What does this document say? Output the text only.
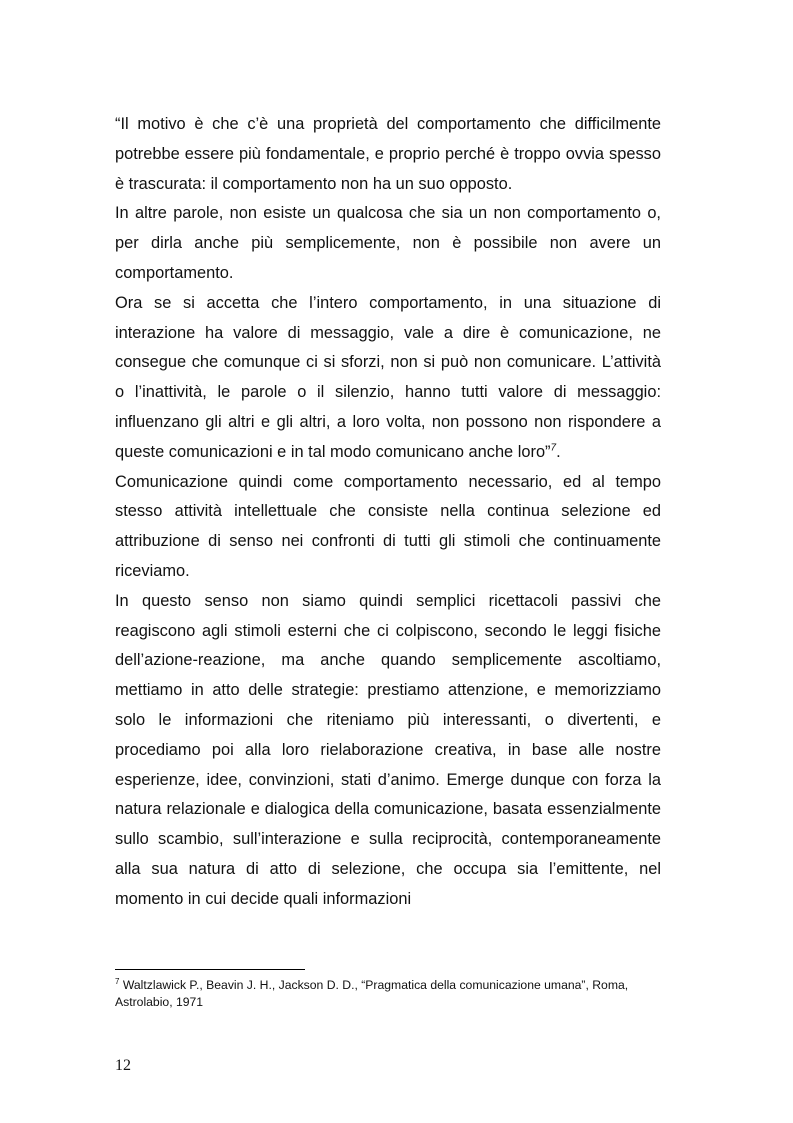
“Il motivo è che c’è una proprietà del comportamento che difficilmente potrebbe essere più fondamentale, e proprio perché è troppo ovvia spesso è trascurata: il comportamento non ha un suo opposto.

In altre parole, non esiste un qualcosa che sia un non comportamento o, per dirla anche più semplicemente, non è possibile non avere un comportamento.

Ora se si accetta che l’intero comportamento, in una situazione di interazione ha valore di messaggio, vale a dire è comunicazione, ne consegue che comunque ci si sforzi, non si può non comunicare. L’attività o l’inattività, le parole o il silenzio, hanno tutti valore di messaggio: influenzano gli altri e gli altri, a loro volta, non possono non rispondere a queste comunicazioni e in tal modo comunicano anche loro”$^7$.

Comunicazione quindi come comportamento necessario, ed al tempo stesso attività intellettuale che consiste nella continua selezione ed attribuzione di senso nei confronti di tutti gli stimoli che continuamente riceviamo.

In questo senso non siamo quindi semplici ricettacoli passivi che reagiscono agli stimoli esterni che ci colpiscono, secondo le leggi fisiche dell’azione-reazione, ma anche quando semplicemente ascoltiamo, mettiamo in atto delle strategie: prestiamo attenzione, e memorizziamo solo le informazioni che riteniamo più interessanti, o divertenti, e procediamo poi alla loro rielaborazione creativa, in base alle nostre esperienze, idee, convinzioni, stati d’animo. Emerge dunque con forza la natura relazionale e dialogica della comunicazione, basata essenzialmente sullo scambio, sull’interazione e sulla reciprocità, contemporaneamente alla sua natura di atto di selezione, che occupa sia l’emittente, nel momento in cui decide quali informazioni

$^7$ Waltzlawick P., Beavin J. H., Jackson D. D., “Pragmatica della comunicazione umana”, Roma, Astrolabio, 1971
12
